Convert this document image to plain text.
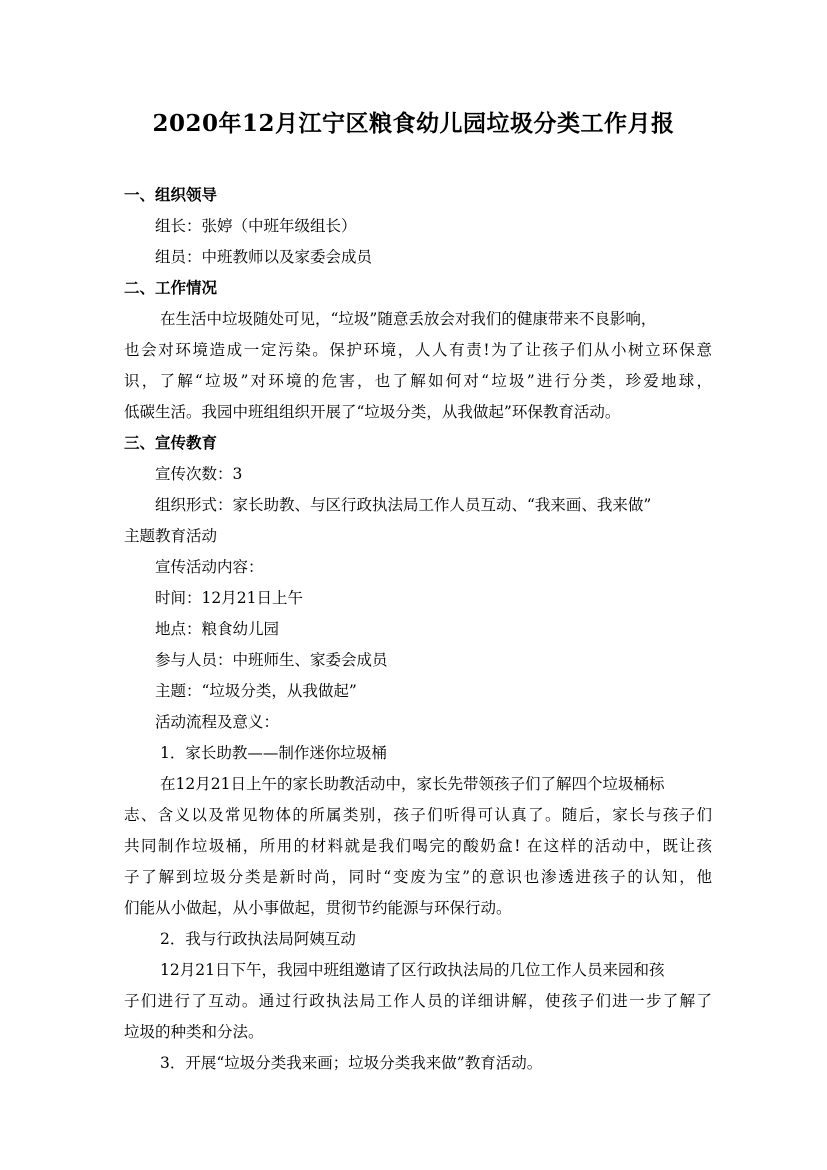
2020年12月江宁区粮食幼儿园垃圾分类工作月报
一、组织领导
组长：张婷（中班年级组长）
组员：中班教师以及家委会成员
二、工作情况
在生活中垃圾随处可见，“垃圾”随意丢放会对我们的健康带来不良影响，
也会对环境造成一定污染。保护环境，人人有责!为了让孩子们从小树立环保意
识，了解“垃圾”对环境的危害，也了解如何对“垃圾”进行分类，珍爱地球，
低碳生活。我园中班组组织开展了“垃圾分类，从我做起”环保教育活动。
三、宣传教育
宣传次数：3
组织形式：家长助教、与区行政执法局工作人员互动、“我来画、我来做”
主题教育活动
宣传活动内容：
时间：12月21日上午
地点：粮食幼儿园
参与人员：中班师生、家委会成员
主题：“垃圾分类，从我做起”
活动流程及意义：
1．家长助教——制作迷你垃圾桶
在12月21日上午的家长助教活动中，家长先带领孩子们了解四个垃圾桶标
志、含义以及常见物体的所属类别，孩子们听得可认真了。随后，家长与孩子们
共同制作垃圾桶，所用的材料就是我们喝完的酸奶盒! 在这样的活动中，既让孩
子了解到垃圾分类是新时尚，同时“变废为宝”的意识也渗透进孩子的认知，他
们能从小做起，从小事做起，贯彻节约能源与环保行动。
2．我与行政执法局阿姨互动
12月21日下午，我园中班组邀请了区行政执法局的几位工作人员来园和孩
子们进行了互动。通过行政执法局工作人员的详细讲解，使孩子们进一步了解了
垃圾的种类和分法。
3．开展“垃圾分类我来画；垃圾分类我来做”教育活动。
